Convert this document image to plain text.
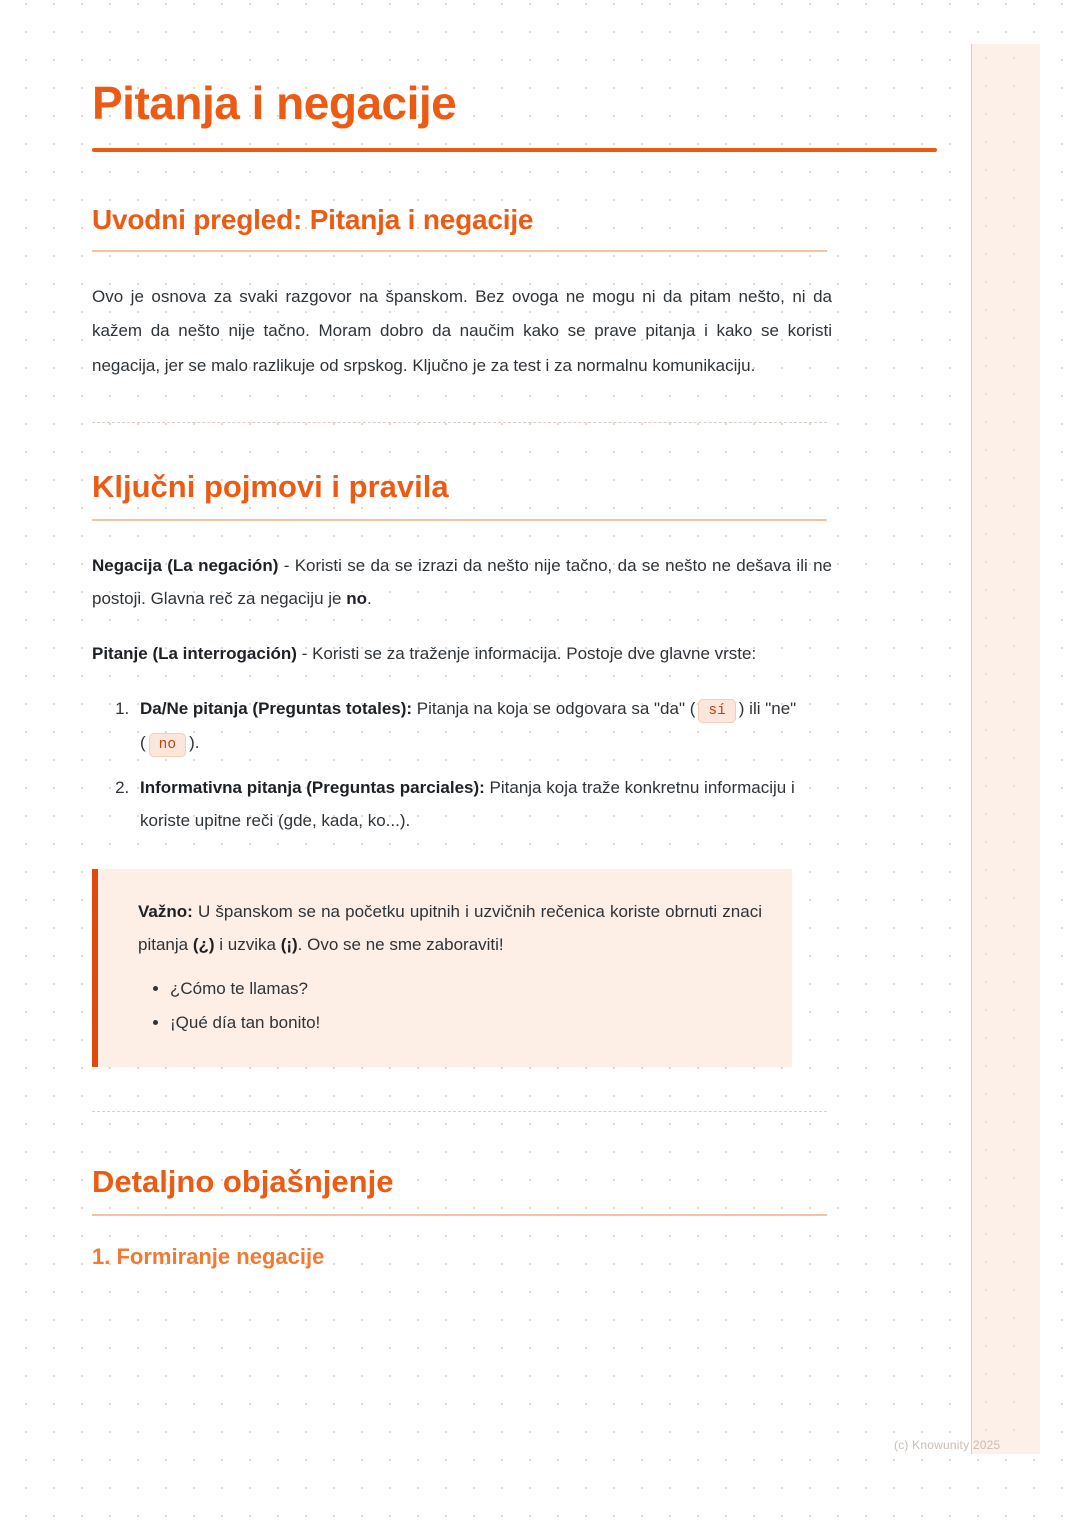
Pitanja i negacije
Uvodni pregled: Pitanja i negacije

Ovo je osnova za svaki razgovor na španskom. Bez ovoga ne mogu ni da pitam nešto, ni da kažem da nešto nije tačno. Moram dobro da naučim kako se prave pitanja i kako se koristi negacija, jer se malo razlikuje od srpskog. Ključno je za test i za normalnu komunikaciju.

Ključni pojmovi i pravila

Negacija (La negación) - Koristi se da se izrazi da nešto nije tačno, da se nešto ne dešava ili ne postoji. Glavna reč za negaciju je no.

Pitanje (La interrogación) - Koristi se za traženje informacija. Postoje dve glavne vrste:

1. Da/Ne pitanja (Preguntas totales): Pitanja na koja se odgovara sa "da" ( sí ) ili "ne" ( no ).
2. Informativna pitanja (Preguntas parciales): Pitanja koja traže konkretnu informaciju i koriste upitne reči (gde, kada, ko...).

Važno: U španskom se na početku upitnih i uzvičnih rečenica koriste obrnuti znaci pitanja (¿) i uzvika (¡). Ovo se ne sme zaboraviti!

• ¿Cómo te llamas?
• ¡Qué día tan bonito!
Detaljno objašnjenje
1. Formiranje negacije
(c) Knowunity 2025
